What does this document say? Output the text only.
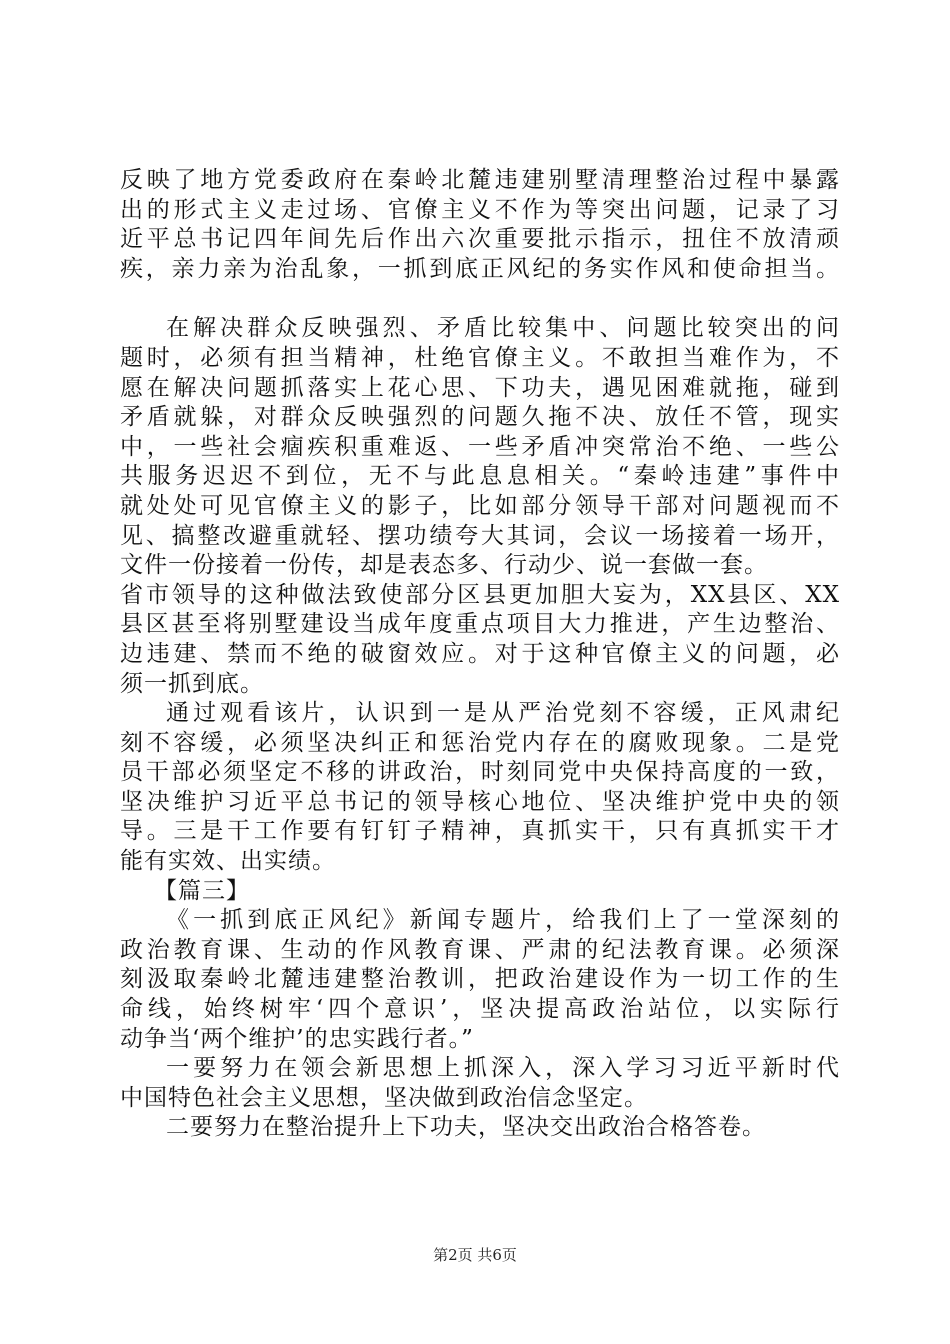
反映了地方党委政府在秦岭北麓违建别墅清理整治过程中暴露
出的形式主义走过场、官僚主义不作为等突出问题，记录了习
近平总书记四年间先后作出六次重要批示指示，扭住不放清顽
疾，亲力亲为治乱象，一抓到底正风纪的务实作风和使命担当。
在解决群众反映强烈、矛盾比较集中、问题比较突出的问
题时，必须有担当精神，杜绝官僚主义。不敢担当难作为，不
愿在解决问题抓落实上花心思、下功夫，遇见困难就拖，碰到
矛盾就躲，对群众反映强烈的问题久拖不决、放任不管，现实
中，一些社会痼疾积重难返、一些矛盾冲突常治不绝、一些公
共服务迟迟不到位，无不与此息息相关。“秦岭违建”事件中
就处处可见官僚主义的影子，比如部分领导干部对问题视而不
见、搞整改避重就轻、摆功绩夸大其词，会议一场接着一场开，
文件一份接着一份传，却是表态多、行动少、说一套做一套。
省市领导的这种做法致使部分区县更加胆大妄为，XX县区、XX
县区甚至将别墅建设当成年度重点项目大力推进，产生边整治、
边违建、禁而不绝的破窗效应。对于这种官僚主义的问题，必
须一抓到底。
通过观看该片，认识到一是从严治党刻不容缓，正风肃纪
刻不容缓，必须坚决纠正和惩治党内存在的腐败现象。二是党
员干部必须坚定不移的讲政治，时刻同党中央保持高度的一致，
坚决维护习近平总书记的领导核心地位、坚决维护党中央的领
导。三是干工作要有钉钉子精神，真抓实干，只有真抓实干才
能有实效、出实绩。
【篇三】
《一抓到底正风纪》新闻专题片，给我们上了一堂深刻的
政治教育课、生动的作风教育课、严肃的纪法教育课。必须深
刻汲取秦岭北麓违建整治教训，把政治建设作为一切工作的生
命线，始终树牢‘四个意识’，坚决提高政治站位，以实际行
动争当‘两个维护’的忠实践行者。”
一要努力在领会新思想上抓深入，深入学习习近平新时代
中国特色社会主义思想，坚决做到政治信念坚定。
二要努力在整治提升上下功夫，坚决交出政治合格答卷。
第2页 共6页
